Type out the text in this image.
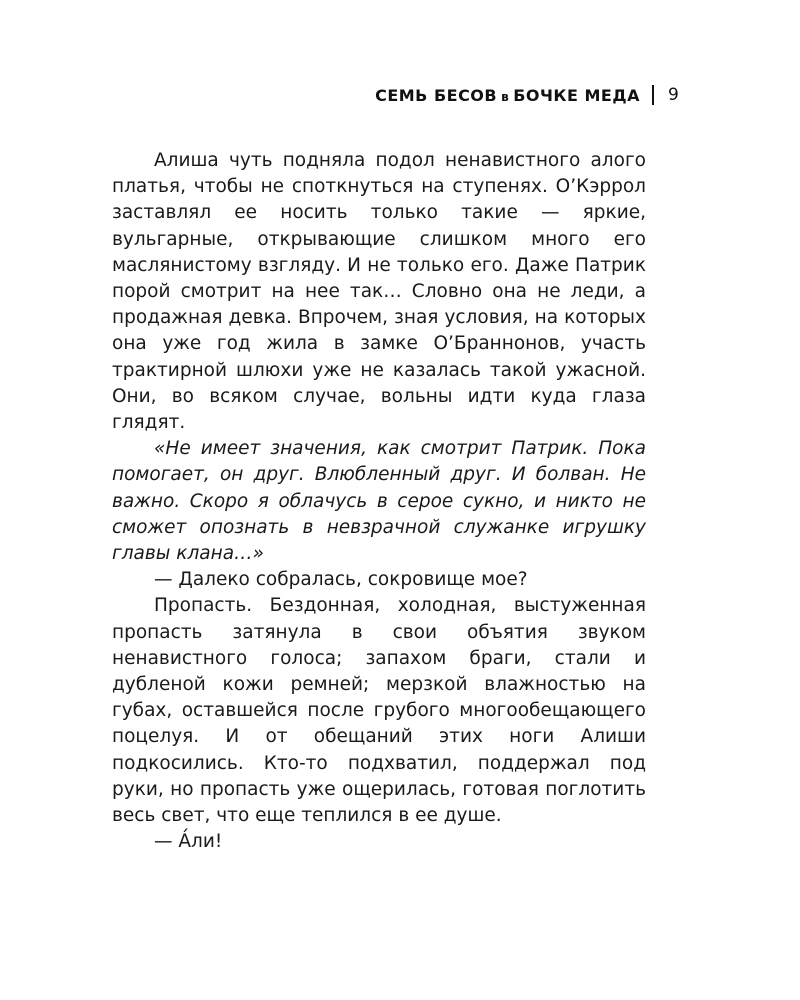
СЕМЬ БЕСОВ в БОЧКЕ МЕДА 9

Алиша чуть подняла подол ненавистного алого платья, чтобы не споткнуться на ступенях. О’Кэррол заставлял ее носить только такие — яркие, вульгарные, открывающие слишком много его маслянистому взгляду. И не только его. Даже Патрик порой смотрит на нее так… Словно она не леди, а продажная девка. Впрочем, зная условия, на которых она уже год жила в замке О’Браннонов, участь трактирной шлюхи уже не казалась такой ужасной. Они, во всяком случае, вольны идти куда глаза глядят.

«Не имеет значения, как смотрит Патрик. Пока помогает, он друг. Влюбленный друг. И болван. Не важно. Скоро я облачусь в серое сукно, и никто не сможет опознать в невзрачной служанке игрушку главы клана…»

— Далеко собралась, сокровище мое?

Пропасть. Бездонная, холодная, выстуженная пропасть затянула в свои объятия звуком ненавистного голоса; запахом браги, стали и дубленой кожи ремней; мерзкой влажностью на губах, оставшейся после грубого многообещающего поцелуя. И от обещаний этих ноги Алиши подкосились. Кто-то подхватил, поддержал под руки, но пропасть уже ощерилась, готовая поглотить весь свет, что еще теплился в ее душе.

— А́ли!
